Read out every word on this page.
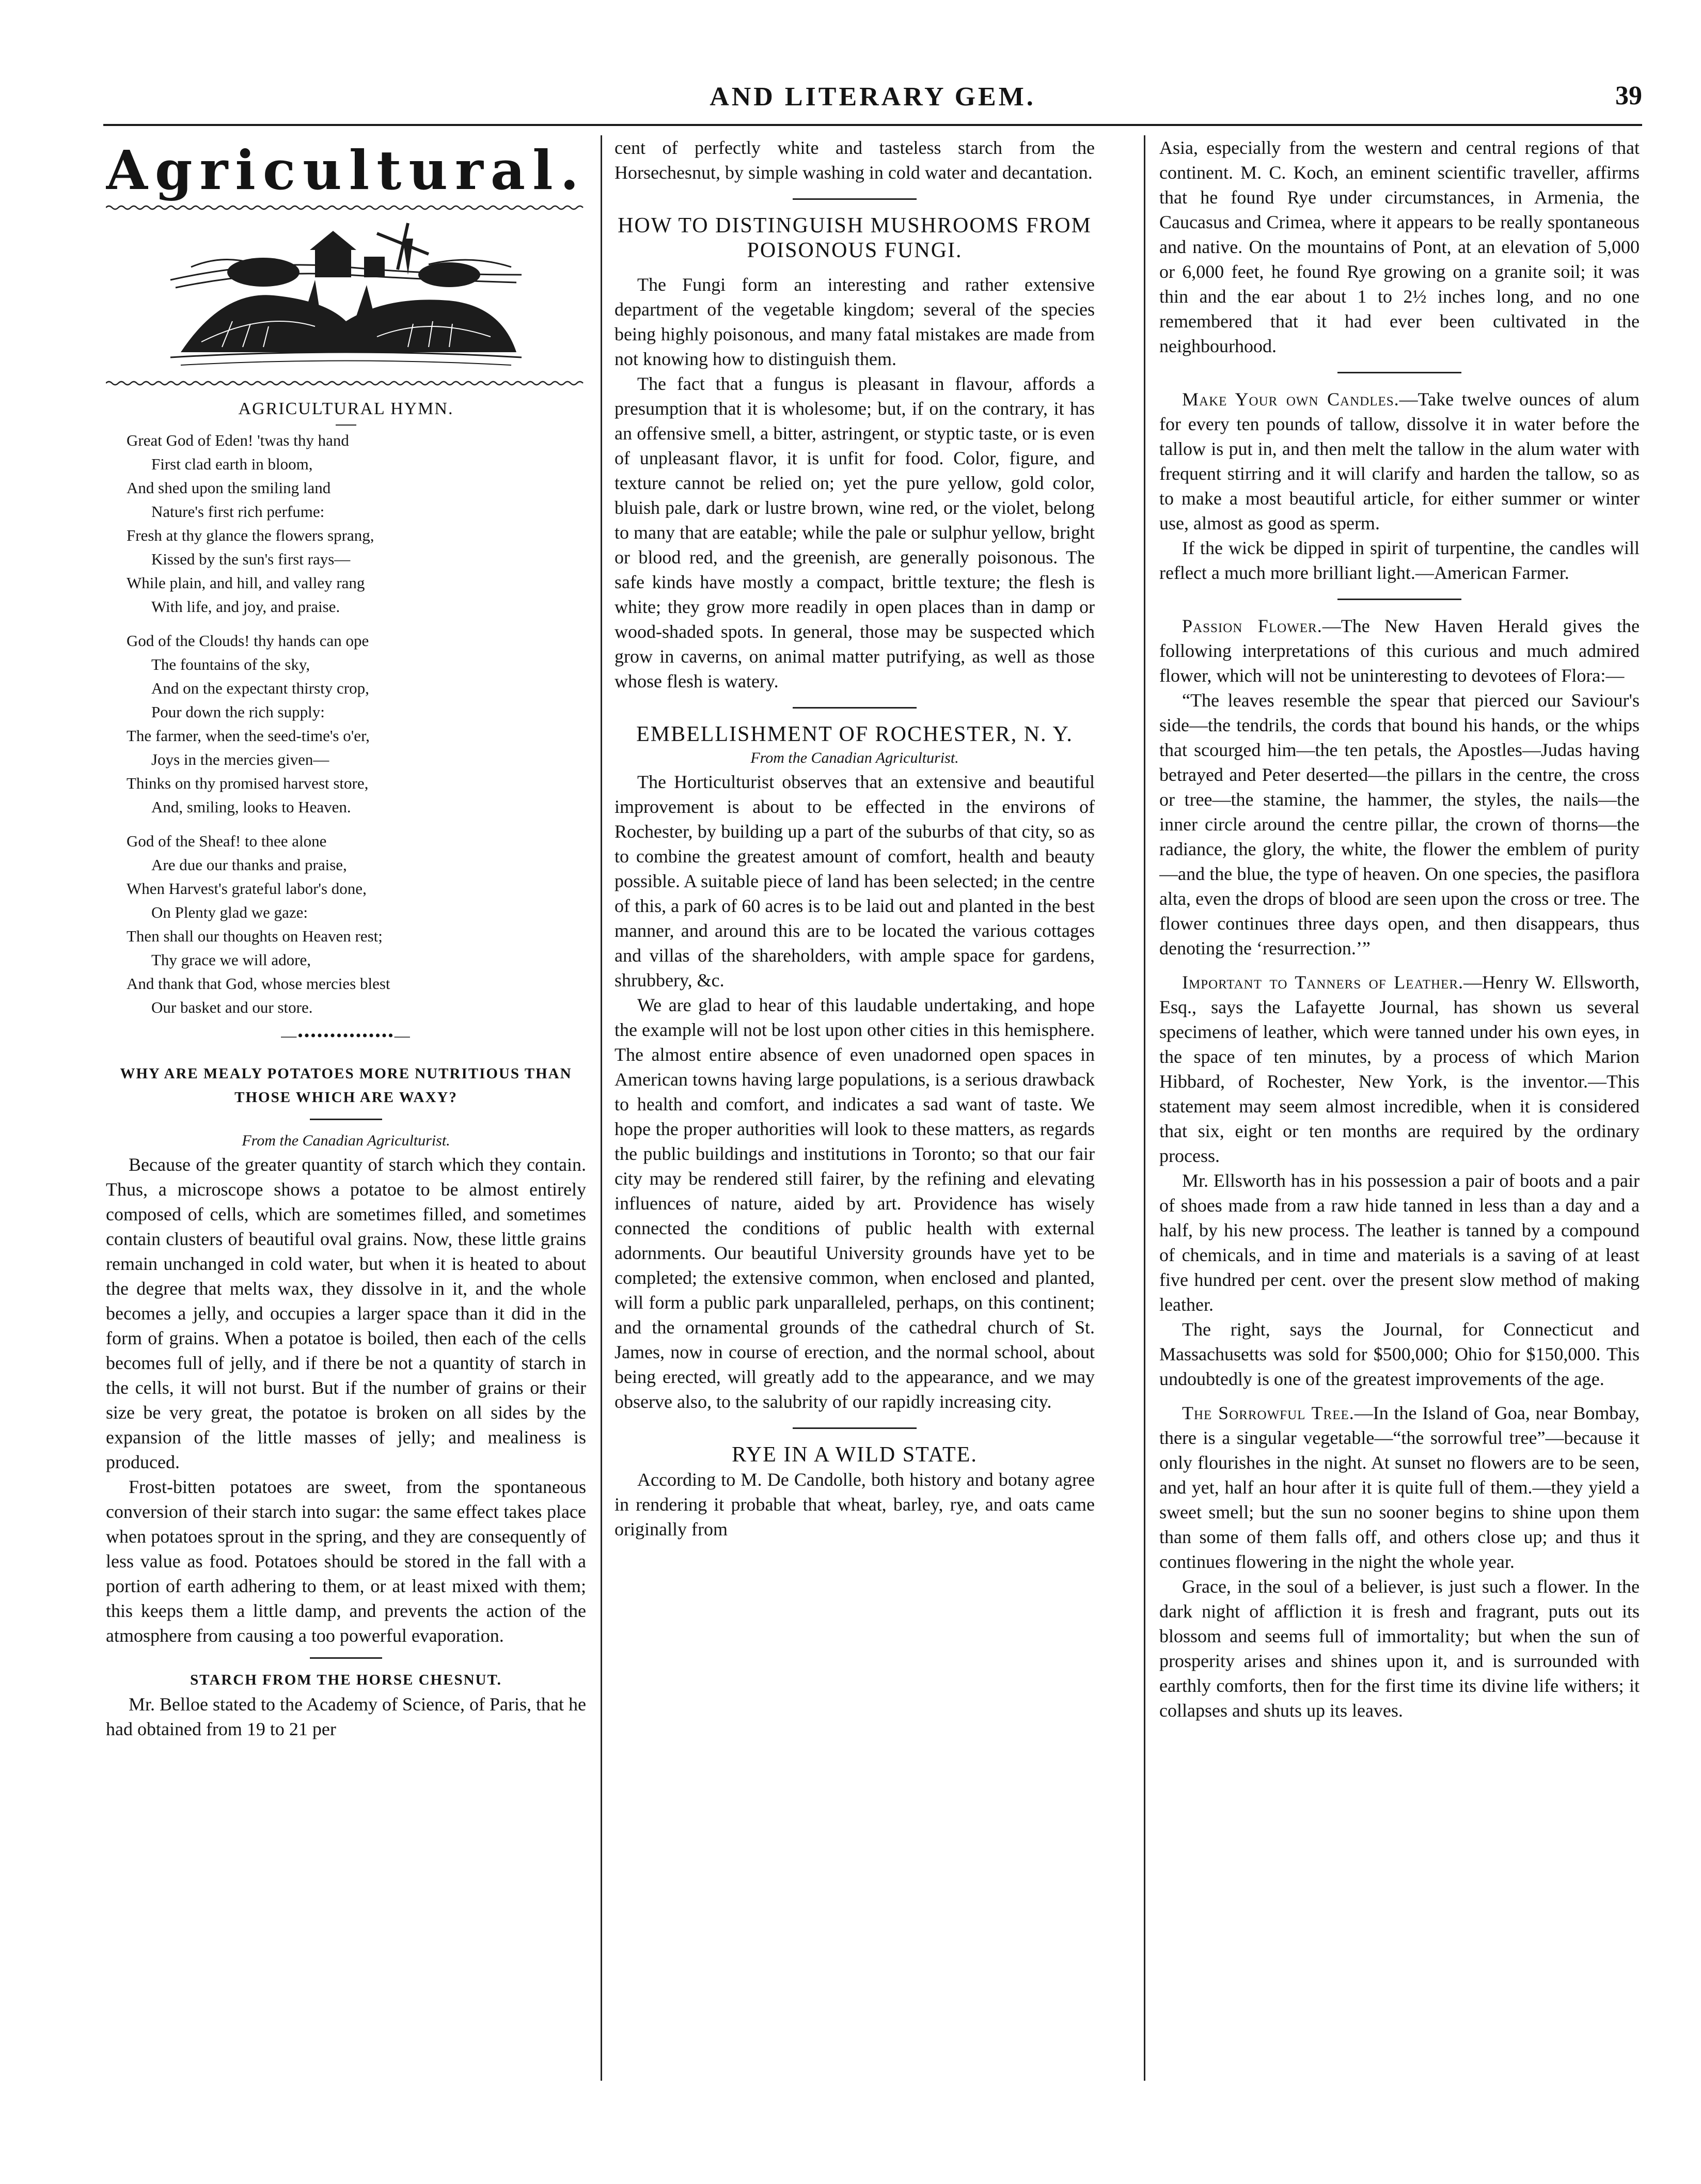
AND LITERARY GEM.	39
Agricultural.
AGRICULTURAL HYMN.
Great God of Eden! 'twas thy hand
First clad earth in bloom,
And shed upon the smiling land
Nature's first rich perfume:
Fresh at thy glance the flowers sprang,
Kissed by the sun's first rays—
While plain, and hill, and valley rang
With life, and joy, and praise.
God of the Clouds! thy hands can ope
The fountains of the sky,
And on the expectant thirsty crop,
Pour down the rich supply:
The farmer, when the seed-time's o'er,
Joys in the mercies given—
Thinks on thy promised harvest store,
And, smiling, looks to Heaven.
God of the Sheaf! to thee alone
Are due our thanks and praise,
When Harvest's grateful labor's done,
On Plenty glad we gaze:
Then shall our thoughts on Heaven rest;
Thy grace we will adore,
And thank that God, whose mercies blest
Our basket and our store.
—•••••••••••••••—
WHY ARE MEALY POTATOES MORE NUTRITIOUS THAN THOSE WHICH ARE WAXY?
From the Canadian Agriculturist.

Because of the greater quantity of starch which they contain. Thus, a microscope shows a potatoe to be almost entirely composed of cells, which are sometimes filled, and sometimes contain clusters of beautiful oval grains. Now, these little grains remain unchanged in cold water, but when it is heated to about the degree that melts wax, they dissolve in it, and the whole becomes a jelly, and occupies a larger space than it did in the form of grains. When a potatoe is boiled, then each of the cells becomes full of jelly, and if there be not a quantity of starch in the cells, it will not burst. But if the number of grains or their size be very great, the potatoe is broken on all sides by the expansion of the little masses of jelly; and mealiness is produced.

Frost-bitten potatoes are sweet, from the spontaneous conversion of their starch into sugar: the same effect takes place when potatoes sprout in the spring, and they are consequently of less value as food. Potatoes should be stored in the fall with a portion of earth adhering to them, or at least mixed with them; this keeps them a little damp, and prevents the action of the atmosphere from causing a too powerful evaporation.

STARCH FROM THE HORSE CHESNUT.

Mr. Belloe stated to the Academy of Science, of Paris, that he had obtained from 19 to 21 per

cent of perfectly white and tasteless starch from the Horsechesnut, by simple washing in cold water and decantation.

HOW TO DISTINGUISH MUSHROOMS FROM POISONOUS FUNGI.

The Fungi form an interesting and rather extensive department of the vegetable kingdom; several of the species being highly poisonous, and many fatal mistakes are made from not knowing how to distinguish them.

The fact that a fungus is pleasant in flavour, affords a presumption that it is wholesome; but, if on the contrary, it has an offensive smell, a bitter, astringent, or styptic taste, or is even of unpleasant flavor, it is unfit for food. Color, figure, and texture cannot be relied on; yet the pure yellow, gold color, bluish pale, dark or lustre brown, wine red, or the violet, belong to many that are eatable; while the pale or sulphur yellow, bright or blood red, and the greenish, are generally poisonous. The safe kinds have mostly a compact, brittle texture; the flesh is white; they grow more readily in open places than in damp or wood-shaded spots. In general, those may be suspected which grow in caverns, on animal matter putrifying, as well as those whose flesh is watery.

EMBELLISHMENT OF ROCHESTER, N. Y.
From the Canadian Agriculturist.

The Horticulturist observes that an extensive and beautiful improvement is about to be effected in the environs of Rochester, by building up a part of the suburbs of that city, so as to combine the greatest amount of comfort, health and beauty possible. A suitable piece of land has been selected; in the centre of this, a park of 60 acres is to be laid out and planted in the best manner, and around this are to be located the various cottages and villas of the shareholders, with ample space for gardens, shrubbery, &c.

We are glad to hear of this laudable undertaking, and hope the example will not be lost upon other cities in this hemisphere. The almost entire absence of even unadorned open spaces in American towns having large populations, is a serious drawback to health and comfort, and indicates a sad want of taste. We hope the proper authorities will look to these matters, as regards the public buildings and institutions in Toronto; so that our fair city may be rendered still fairer, by the refining and elevating influences of nature, aided by art. Providence has wisely connected the conditions of public health with external adornments. Our beautiful University grounds have yet to be completed; the extensive common, when enclosed and planted, will form a public park unparalleled, perhaps, on this continent; and the ornamental grounds of the cathedral church of St. James, now in course of erection, and the normal school, about being erected, will greatly add to the appearance, and we may observe also, to the salubrity of our rapidly increasing city.

RYE IN A WILD STATE.

According to M. De Candolle, both history and botany agree in rendering it probable that wheat, barley, rye, and oats came originally from

Asia, especially from the western and central regions of that continent. M. C. Koch, an eminent scientific traveller, affirms that he found Rye under circumstances, in Armenia, the Caucasus and Crimea, where it appears to be really spontaneous and native. On the mountains of Pont, at an elevation of 5,000 or 6,000 feet, he found Rye growing on a granite soil; it was thin and the ear about 1 to 2½ inches long, and no one remembered that it had ever been cultivated in the neighbourhood.

Make Your own Candles.—Take twelve ounces of alum for every ten pounds of tallow, dissolve it in water before the tallow is put in, and then melt the tallow in the alum water with frequent stirring and it will clarify and harden the tallow, so as to make a most beautiful article, for either summer or winter use, almost as good as sperm.

If the wick be dipped in spirit of turpentine, the candles will reflect a much more brilliant light.—American Farmer.

Passion Flower.—The New Haven Herald gives the following interpretations of this curious and much admired flower, which will not be uninteresting to devotees of Flora:—

“The leaves resemble the spear that pierced our Saviour's side—the tendrils, the cords that bound his hands, or the whips that scourged him—the ten petals, the Apostles—Judas having betrayed and Peter deserted—the pillars in the centre, the cross or tree—the stamine, the hammer, the styles, the nails—the inner circle around the centre pillar, the crown of thorns—the radiance, the glory, the white, the flower the emblem of purity—and the blue, the type of heaven. On one species, the pasiflora alta, even the drops of blood are seen upon the cross or tree. The flower continues three days open, and then disappears, thus denoting the ‘resurrection.’”

Important to Tanners of Leather.—Henry W. Ellsworth, Esq., says the Lafayette Journal, has shown us several specimens of leather, which were tanned under his own eyes, in the space of ten minutes, by a process of which Marion Hibbard, of Rochester, New York, is the inventor.—This statement may seem almost incredible, when it is considered that six, eight or ten months are required by the ordinary process.

Mr. Ellsworth has in his possession a pair of boots and a pair of shoes made from a raw hide tanned in less than a day and a half, by his new process. The leather is tanned by a compound of chemicals, and in time and materials is a saving of at least five hundred per cent. over the present slow method of making leather.

The right, says the Journal, for Connecticut and Massachusetts was sold for $500,000; Ohio for $150,000. This undoubtedly is one of the greatest improvements of the age.

The Sorrowful Tree.—In the Island of Goa, near Bombay, there is a singular vegetable—“the sorrowful tree”—because it only flourishes in the night. At sunset no flowers are to be seen, and yet, half an hour after it is quite full of them.—they yield a sweet smell; but the sun no sooner begins to shine upon them than some of them falls off, and others close up; and thus it continues flowering in the night the whole year.

Grace, in the soul of a believer, is just such a flower. In the dark night of affliction it is fresh and fragrant, puts out its blossom and seems full of immortality; but when the sun of prosperity arises and shines upon it, and is surrounded with earthly comforts, then for the first time its divine life withers; it collapses and shuts up its leaves.
